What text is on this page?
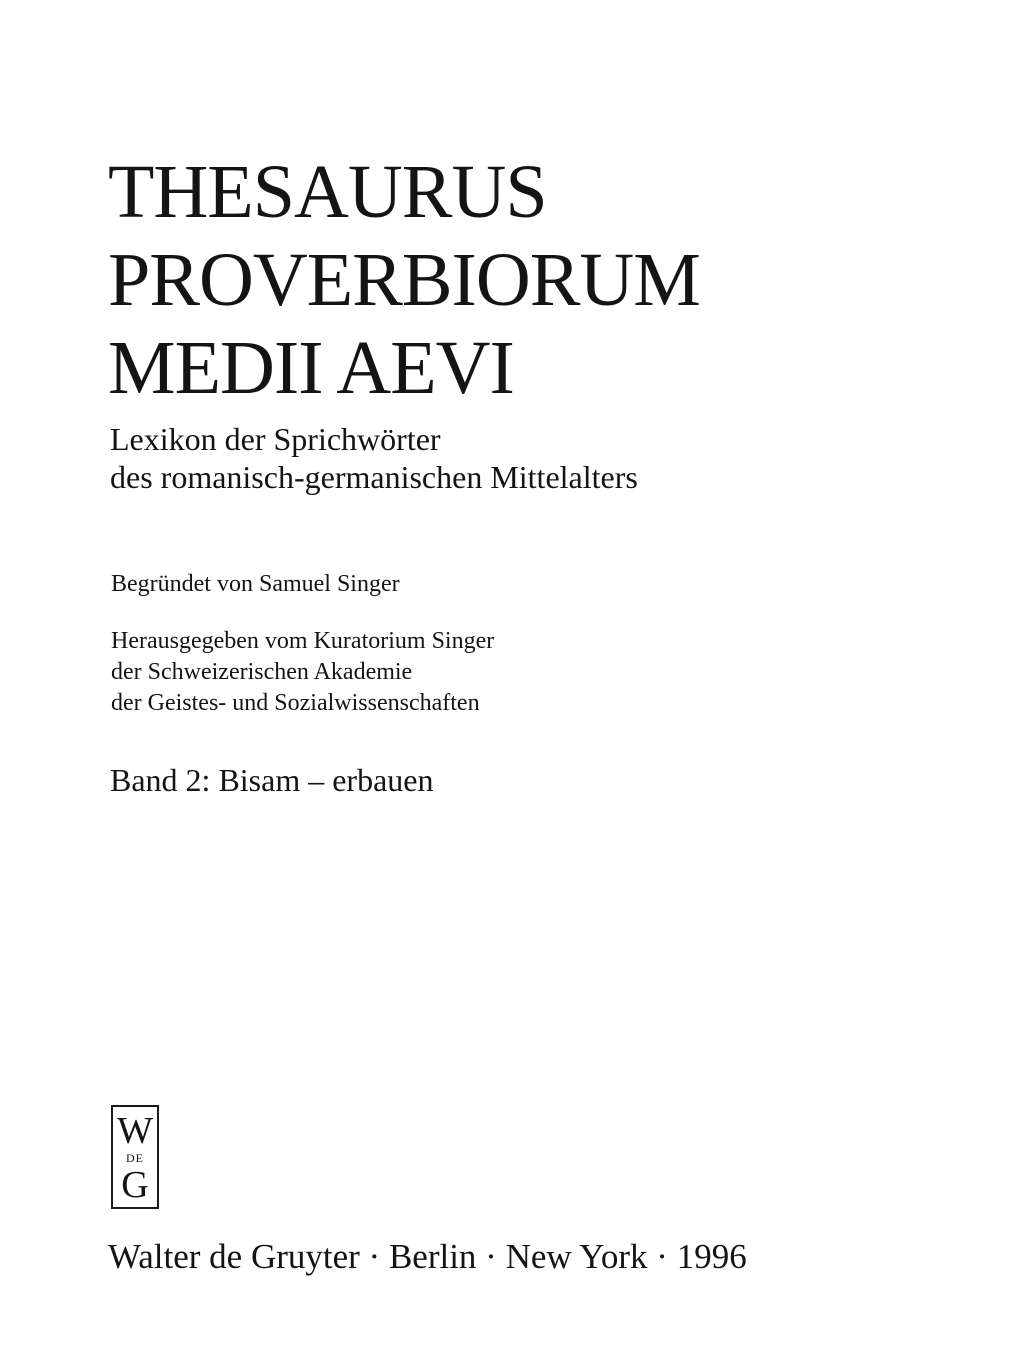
THESAURUS
PROVERBIORUM
MEDII AEVI
Lexikon der Sprichwörter
des romanisch-germanischen Mittelalters
Begründet von Samuel Singer
Herausgegeben vom Kuratorium Singer
der Schweizerischen Akademie
der Geistes- und Sozialwissenschaften
Band 2: Bisam – erbauen
W
DE
G
Walter de Gruyter · Berlin · New York · 1996
